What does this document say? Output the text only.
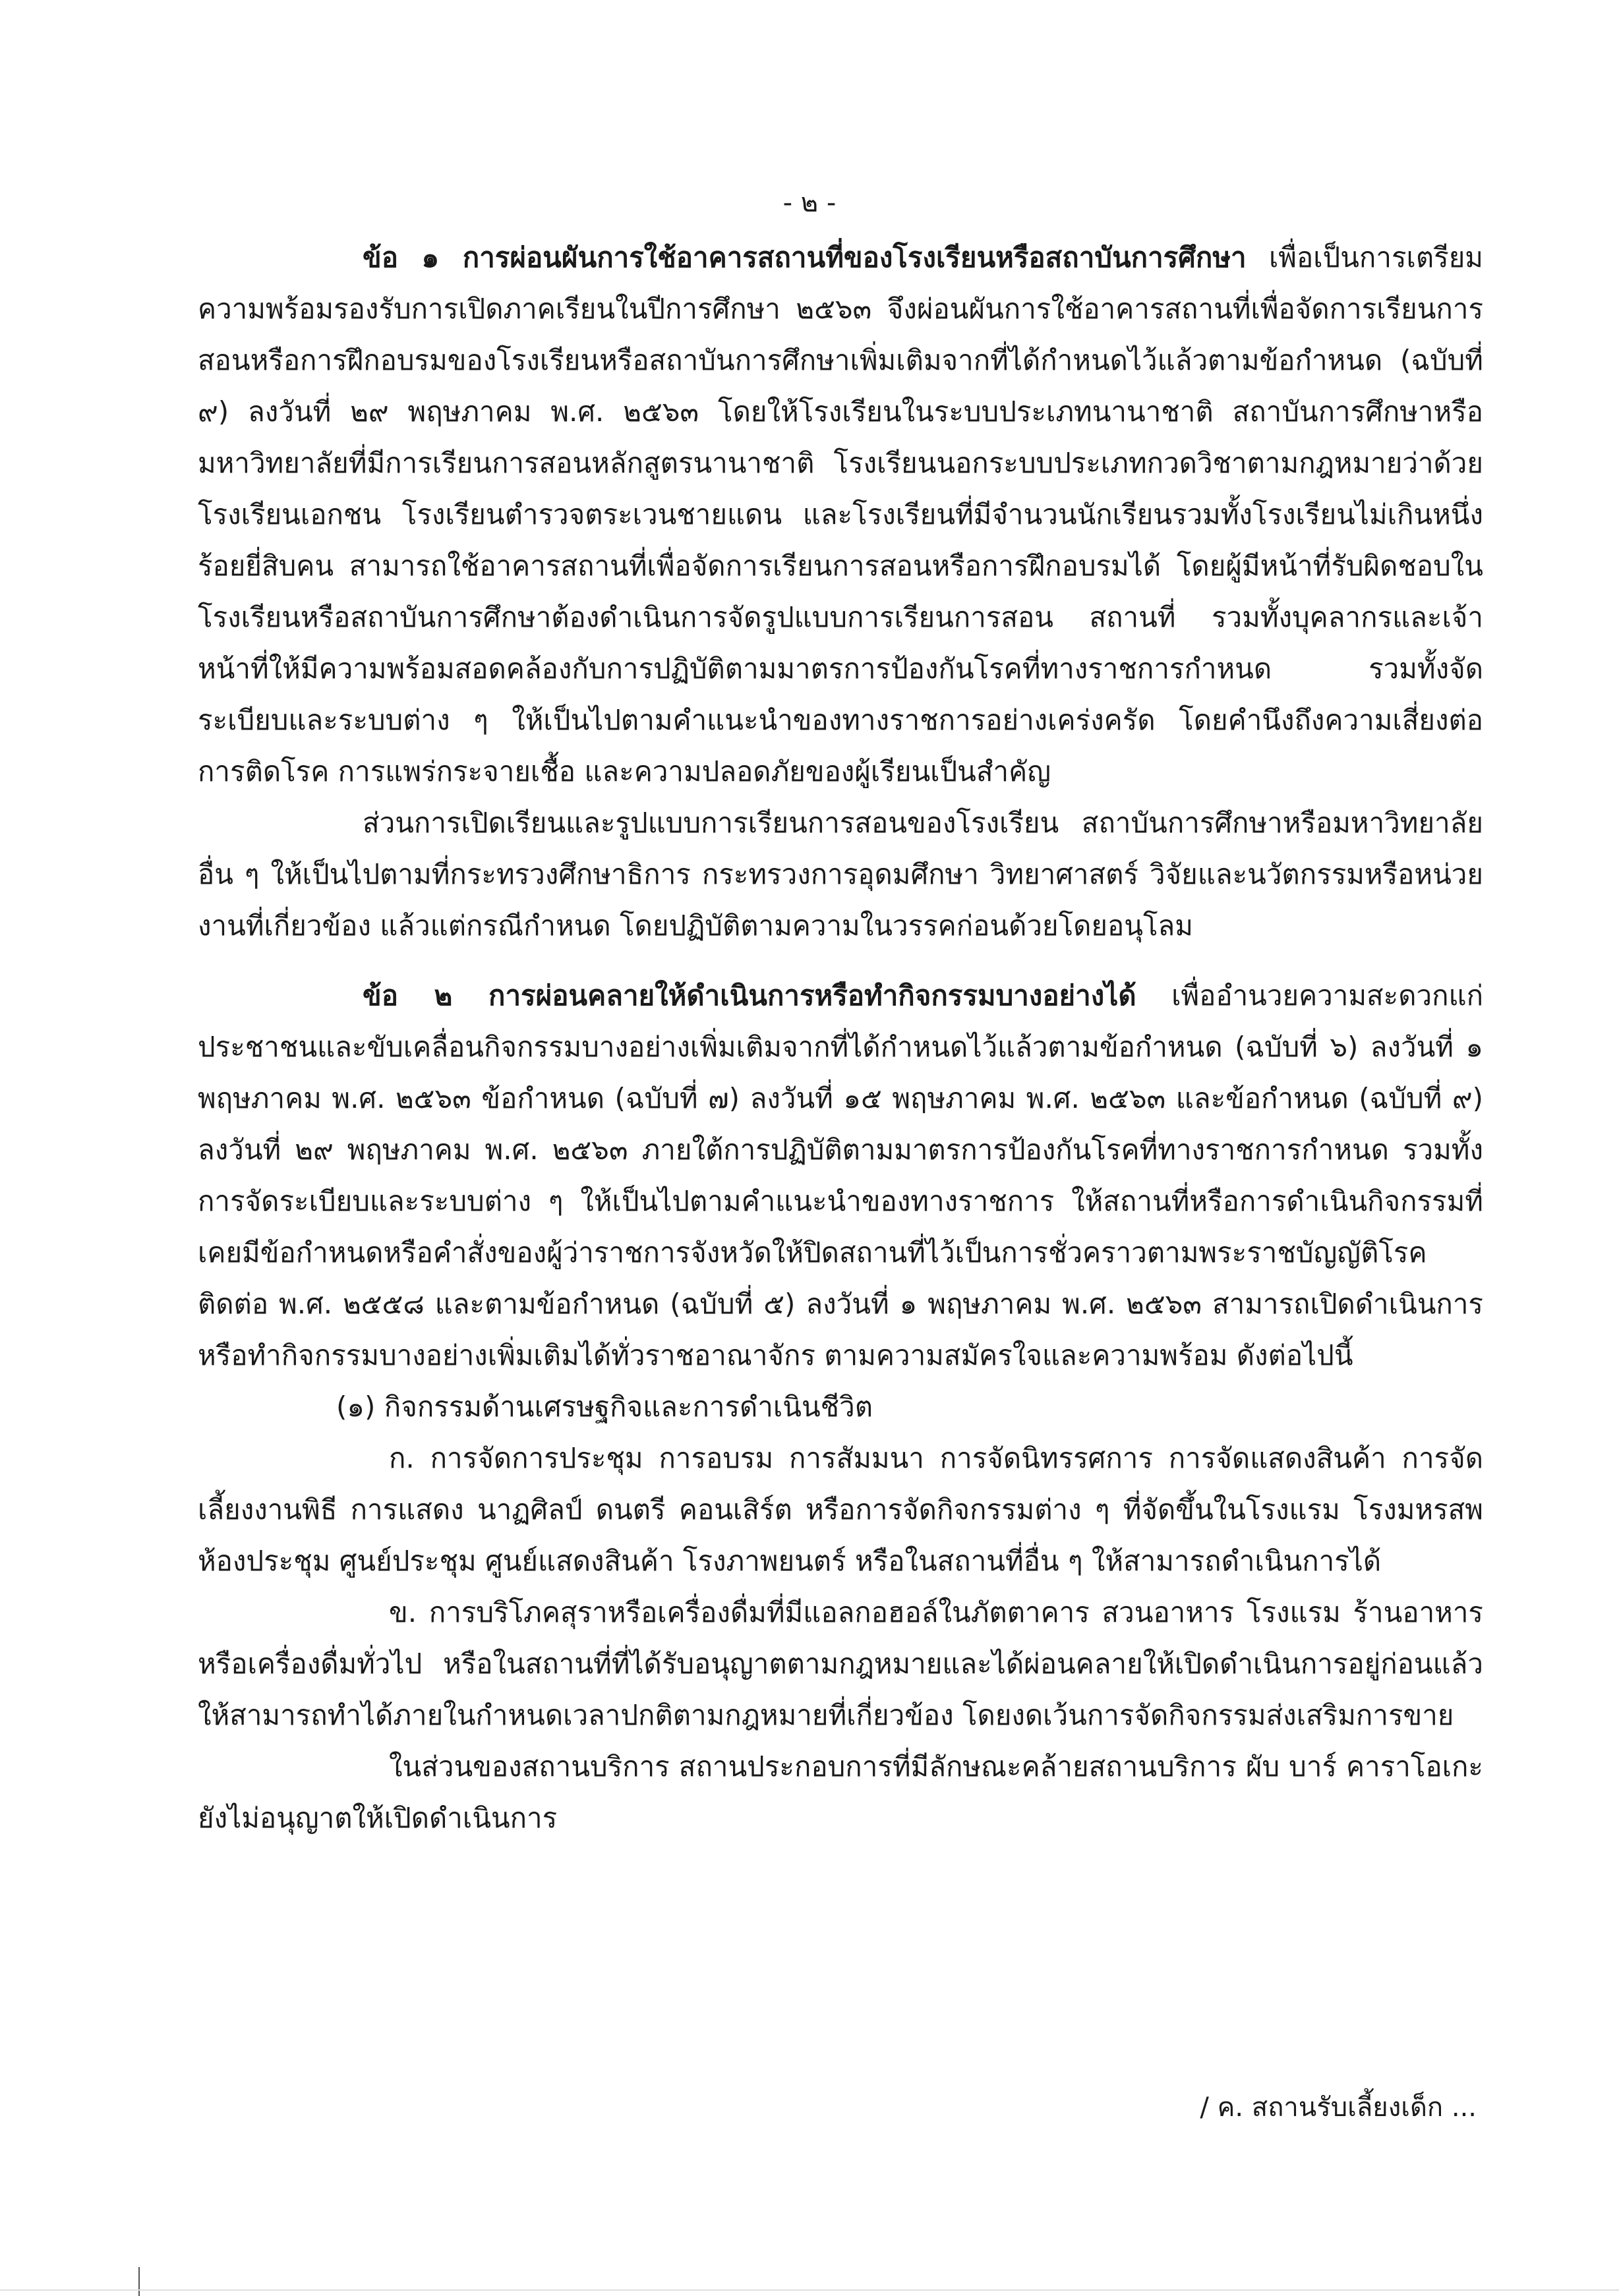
- ๒ -

ข้อ ๑ การผ่อนผันการใช้อาคารสถานที่ของโรงเรียนหรือสถาบันการศึกษา เพื่อเป็นการเตรียมความพร้อมรองรับการเปิดภาคเรียนในปีการศึกษา ๒๕๖๓ จึงผ่อนผันการใช้อาคารสถานที่เพื่อจัดการเรียนการสอนหรือการฝึกอบรมของโรงเรียนหรือสถาบันการศึกษาเพิ่มเติมจากที่ได้กำหนดไว้แล้วตามข้อกำหนด (ฉบับที่ ๙) ลงวันที่ ๒๙ พฤษภาคม พ.ศ. ๒๕๖๓ โดยให้โรงเรียนในระบบประเภทนานาชาติ สถาบันการศึกษาหรือมหาวิทยาลัยที่มีการเรียนการสอนหลักสูตรนานาชาติ โรงเรียนนอกระบบประเภทกวดวิชาตามกฎหมายว่าด้วยโรงเรียนเอกชน โรงเรียนตำรวจตระเวนชายแดน และโรงเรียนที่มีจำนวนนักเรียนรวมทั้งโรงเรียนไม่เกินหนึ่งร้อยยี่สิบคน สามารถใช้อาคารสถานที่เพื่อจัดการเรียนการสอนหรือการฝึกอบรมได้ โดยผู้มีหน้าที่รับผิดชอบในโรงเรียนหรือสถาบันการศึกษาต้องดำเนินการจัดรูปแบบการเรียนการสอน สถานที่ รวมทั้งบุคลากรและเจ้าหน้าที่ให้มีความพร้อมสอดคล้องกับการปฏิบัติตามมาตรการป้องกันโรคที่ทางราชการกำหนด รวมทั้งจัดระเบียบและระบบต่าง ๆ ให้เป็นไปตามคำแนะนำของทางราชการอย่างเคร่งครัด โดยคำนึงถึงความเสี่ยงต่อการติดโรค การแพร่กระจายเชื้อ และความปลอดภัยของผู้เรียนเป็นสำคัญ

ส่วนการเปิดเรียนและรูปแบบการเรียนการสอนของโรงเรียน สถาบันการศึกษาหรือมหาวิทยาลัยอื่น ๆ ให้เป็นไปตามที่กระทรวงศึกษาธิการ กระทรวงการอุดมศึกษา วิทยาศาสตร์ วิจัยและนวัตกรรมหรือหน่วยงานที่เกี่ยวข้อง แล้วแต่กรณีกำหนด โดยปฏิบัติตามความในวรรคก่อนด้วยโดยอนุโลม

ข้อ ๒ การผ่อนคลายให้ดำเนินการหรือทำกิจกรรมบางอย่างได้ เพื่ออำนวยความสะดวกแก่ประชาชนและขับเคลื่อนกิจกรรมบางอย่างเพิ่มเติมจากที่ได้กำหนดไว้แล้วตามข้อกำหนด (ฉบับที่ ๖) ลงวันที่ ๑ พฤษภาคม พ.ศ. ๒๕๖๓ ข้อกำหนด (ฉบับที่ ๗) ลงวันที่ ๑๕ พฤษภาคม พ.ศ. ๒๕๖๓ และข้อกำหนด (ฉบับที่ ๙) ลงวันที่ ๒๙ พฤษภาคม พ.ศ. ๒๕๖๓ ภายใต้การปฏิบัติตามมาตรการป้องกันโรคที่ทางราชการกำหนด รวมทั้งการจัดระเบียบและระบบต่าง ๆ ให้เป็นไปตามคำแนะนำของทางราชการ ให้สถานที่หรือการดำเนินกิจกรรมที่เคยมีข้อกำหนดหรือคำสั่งของผู้ว่าราชการจังหวัดให้ปิดสถานที่ไว้เป็นการชั่วคราวตามพระราชบัญญัติโรคติดต่อ พ.ศ. ๒๕๕๘ และตามข้อกำหนด (ฉบับที่ ๕) ลงวันที่ ๑ พฤษภาคม พ.ศ. ๒๕๖๓ สามารถเปิดดำเนินการหรือทำกิจกรรมบางอย่างเพิ่มเติมได้ทั่วราชอาณาจักร ตามความสมัครใจและความพร้อม ดังต่อไปนี้

(๑) กิจกรรมด้านเศรษฐกิจและการดำเนินชีวิต

ก. การจัดการประชุม การอบรม การสัมมนา การจัดนิทรรศการ การจัดแสดงสินค้า การจัดเลี้ยงงานพิธี การแสดง นาฏศิลป์ ดนตรี คอนเสิร์ต หรือการจัดกิจกรรมต่าง ๆ ที่จัดขึ้นในโรงแรม โรงมหรสพ ห้องประชุม ศูนย์ประชุม ศูนย์แสดงสินค้า โรงภาพยนตร์ หรือในสถานที่อื่น ๆ ให้สามารถดำเนินการได้

ข. การบริโภคสุราหรือเครื่องดื่มที่มีแอลกอฮอล์ในภัตตาคาร สวนอาหาร โรงแรม ร้านอาหาร หรือเครื่องดื่มทั่วไป หรือในสถานที่ที่ได้รับอนุญาตตามกฎหมายและได้ผ่อนคลายให้เปิดดำเนินการอยู่ก่อนแล้วให้สามารถทำได้ภายในกำหนดเวลาปกติตามกฎหมายที่เกี่ยวข้อง โดยงดเว้นการจัดกิจกรรมส่งเสริมการขาย

ในส่วนของสถานบริการ สถานประกอบการที่มีลักษณะคล้ายสถานบริการ ผับ บาร์ คาราโอเกะ ยังไม่อนุญาตให้เปิดดำเนินการ

/ ค. สถานรับเลี้ยงเด็ก ...
